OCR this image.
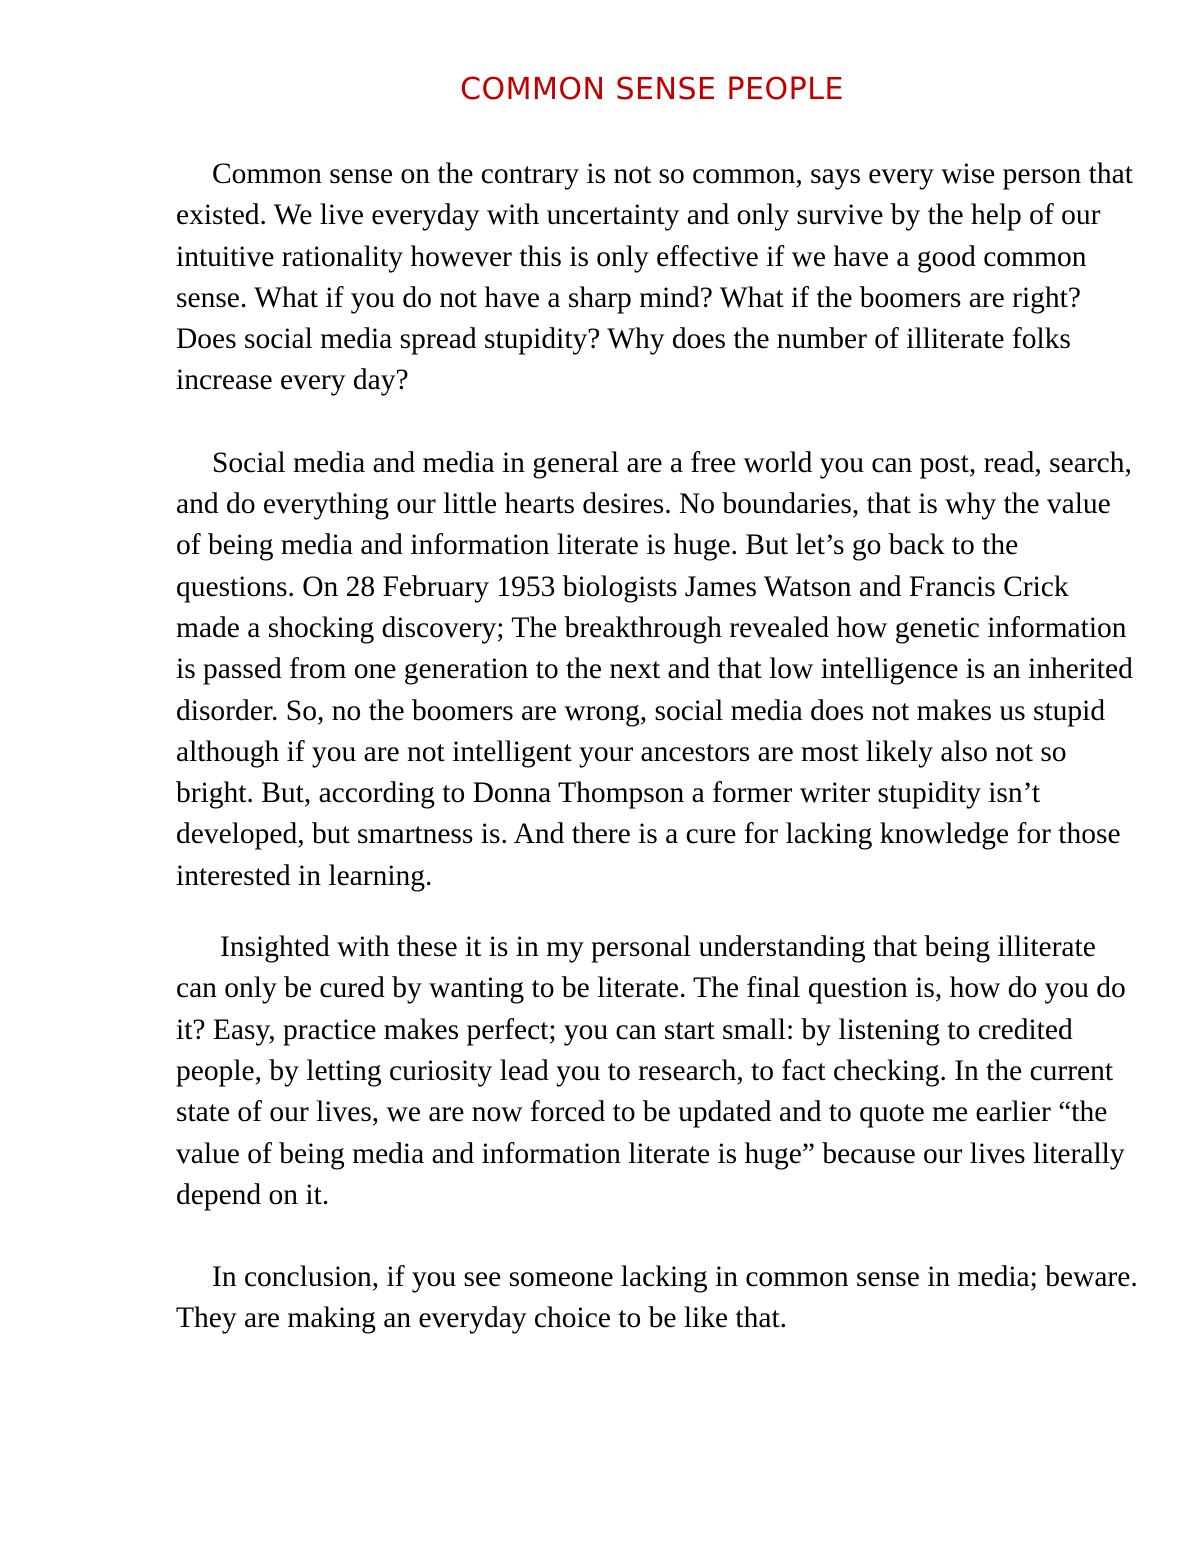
COMMON SENSE PEOPLE

Common sense on the contrary is not so common, says every wise person that existed. We live everyday with uncertainty and only survive by the help of our intuitive rationality however this is only effective if we have a good common sense. What if you do not have a sharp mind? What if the boomers are right? Does social media spread stupidity? Why does the number of illiterate folks increase every day?

Social media and media in general are a free world you can post, read, search, and do everything our little hearts desires. No boundaries, that is why the value of being media and information literate is huge. But let’s go back to the questions. On 28 February 1953 biologists James Watson and Francis Crick made a shocking discovery; The breakthrough revealed how genetic information is passed from one generation to the next and that low intelligence is an inherited disorder. So, no the boomers are wrong, social media does not makes us stupid although if you are not intelligent your ancestors are most likely also not so bright. But, according to Donna Thompson a former writer stupidity isn’t developed, but smartness is. And there is a cure for lacking knowledge for those interested in learning.

Insighted with these it is in my personal understanding that being illiterate can only be cured by wanting to be literate. The final question is, how do you do it? Easy, practice makes perfect; you can start small: by listening to credited people, by letting curiosity lead you to research, to fact checking. In the current state of our lives, we are now forced to be updated and to quote me earlier “the value of being media and information literate is huge” because our lives literally depend on it.

In conclusion, if you see someone lacking in common sense in media; beware. They are making an everyday choice to be like that.
